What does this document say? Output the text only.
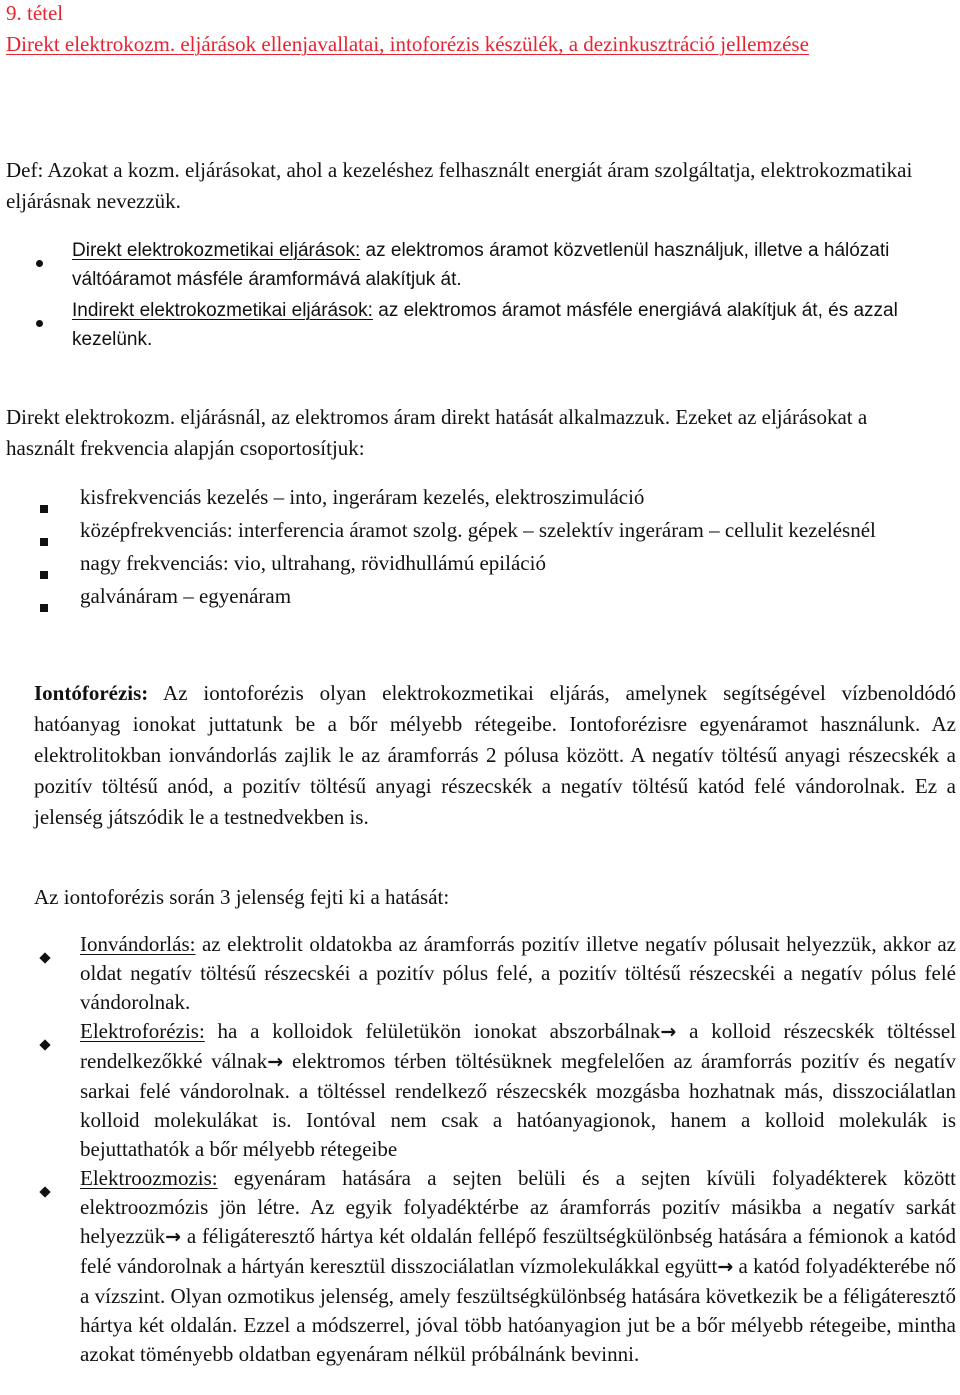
9. tétel
Direkt elektrokozm. eljárások ellenjavallatai, intoforézis készülék, a dezinkusztráció jellemzése
Def: Azokat a kozm. eljárásokat, ahol a kezeléshez felhasznált energiát áram szolgáltatja, elektrokozmatikai eljárásnak nevezzük.
Direkt elektrokozmetikai eljárások: az elektromos áramot közvetlenül használjuk, illetve a hálózati váltóáramot másféle áramformává alakítjuk át.
Indirekt elektrokozmetikai eljárások: az elektromos áramot másféle energiává alakítjuk át, és azzal kezelünk.
Direkt elektrokozm. eljárásnál, az elektromos áram direkt hatását alkalmazzuk. Ezeket az eljárásokat a használt frekvencia alapján csoportosítjuk:
kisfrekvenciás kezelés – into, ingeráram kezelés, elektroszimuláció
középfrekvenciás: interferencia áramot szolg. gépek – szelektív ingeráram – cellulit kezelésnél
nagy frekvenciás: vio, ultrahang, rövidhullámú epiláció
galvánáram – egyenáram
Iontóforézis: Az iontoforézis olyan elektrokozmetikai eljárás, amelynek segítségével vízbenoldódó hatóanyag ionokat juttatunk be a bőr mélyebb rétegeibe. Iontoforézisre egyenáramot használunk. Az elektrolitokban ionvándorlás zajlik le az áramforrás 2 pólusa között. A negatív töltésű anyagi részecskék a pozitív töltésű anód, a pozitív töltésű anyagi részecskék a negatív töltésű katód felé vándorolnak. Ez a jelenség játszódik le a testnedvekben is.
Az iontoforézis során 3 jelenség fejti ki a hatását:
Ionvándorlás: az elektrolit oldatokba az áramforrás pozitív illetve negatív pólusait helyezzük, akkor az oldat negatív töltésű részecskéi a pozitív pólus felé, a pozitív töltésű részecskéi a negatív pólus felé vándorolnak.
Elektroforézis: ha a kolloidok felületükön ionokat abszorbálnak→ a kolloid részecskék töltéssel rendelkezőkké válnak→ elektromos térben töltésüknek megfelelően az áramforrás pozitív és negatív sarkai felé vándorolnak. a töltéssel rendelkező részecskék mozgásba hozhatnak más, disszociálatlan kolloid molekulákat is. Iontóval nem csak a hatóanyagionok, hanem a kolloid molekulák is bejuttathatók a bőr mélyebb rétegeibe
Elektroozmozis: egyenáram hatására a sejten belüli és a sejten kívüli folyadékterek között elektroozmózis jön létre. Az egyik folyadéktérbe az áramforrás pozitív másikba a negatív sarkát helyezzük→ a féligáteresztő hártya két oldalán fellépő feszültségkülönbség hatására a fémionok a katód felé vándorolnak a hártyán keresztül disszociálatlan vízmolekulákkal együtt→ a katód folyadékterébe nő a vízszint. Olyan ozmotikus jelenség, amely feszültségkülönbség hatására következik be a féligáteresztő hártya két oldalán. Ezzel a módszerrel, jóval több hatóanyagion jut be a bőr mélyebb rétegeibe, mintha azokat töményebb oldatban egyenáram nélkül próbálnánk bevinni.
